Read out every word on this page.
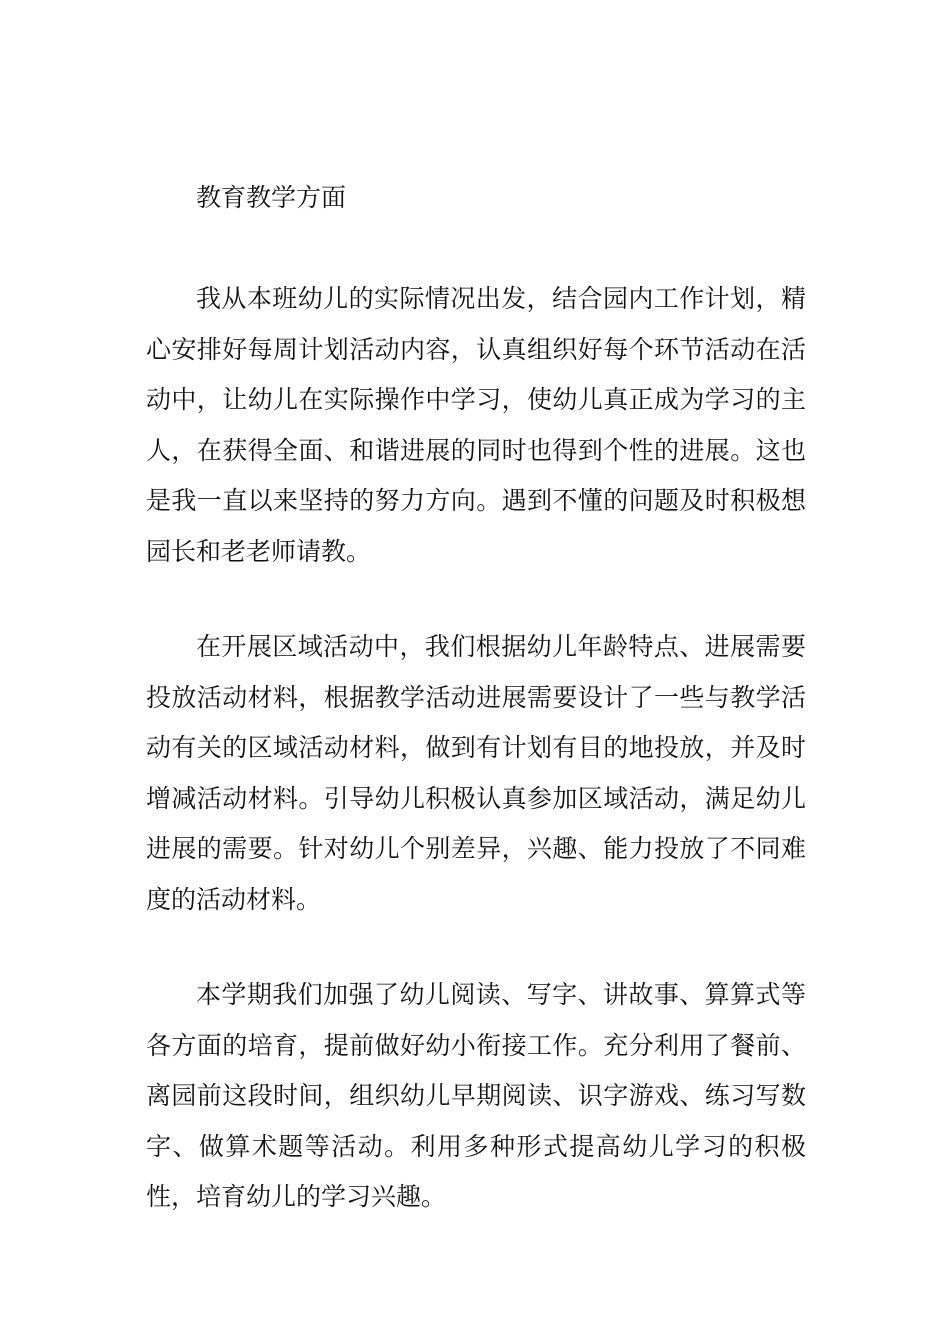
教育教学方面

我从本班幼儿的实际情况出发，结合园内工作计划，精心安排好每周计划活动内容，认真组织好每个环节活动在活动中，让幼儿在实际操作中学习，使幼儿真正成为学习的主人，在获得全面、和谐进展的同时也得到个性的进展。这也是我一直以来坚持的努力方向。遇到不懂的问题及时积极想园长和老老师请教。

在开展区域活动中，我们根据幼儿年龄特点、进展需要投放活动材料，根据教学活动进展需要设计了一些与教学活动有关的区域活动材料，做到有计划有目的地投放，并及时增减活动材料。引导幼儿积极认真参加区域活动，满足幼儿进展的需要。针对幼儿个别差异，兴趣、能力投放了不同难度的活动材料。

本学期我们加强了幼儿阅读、写字、讲故事、算算式等各方面的培育，提前做好幼小衔接工作。充分利用了餐前、离园前这段时间，组织幼儿早期阅读、识字游戏、练习写数字、做算术题等活动。利用多种形式提高幼儿学习的积极性，培育幼儿的学习兴趣。
